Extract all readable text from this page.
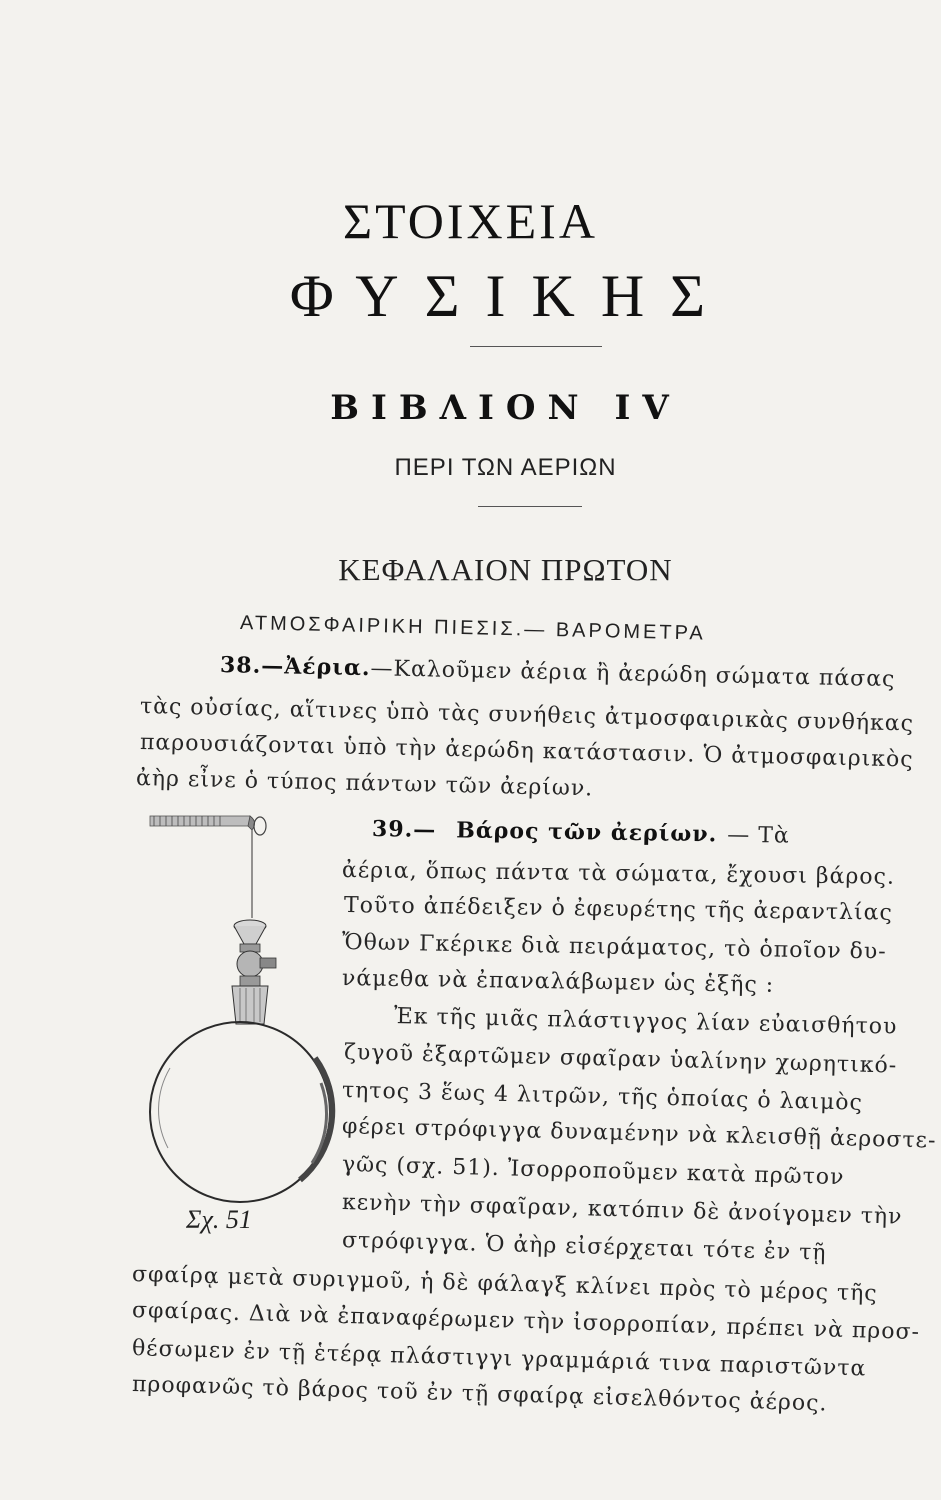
ΣΤΟΙΧΕΙΑ
ΦΥΣΙΚΗΣ
ΒΙΒΛΙΟΝ IV
ΠΕΡΙ ΤΩΝ ΑΕΡΙΩΝ
ΚΕΦΑΛΑΙΟΝ ΠΡΩΤΟΝ
ΑΤΜΟΣΦΑΙΡΙΚΗ ΠΙΕΣΙΣ.— ΒΑΡΟΜΕΤΡΑ
38.—Ἀέρια.—Καλοῦμεν ἀέρια ἢ ἀερώδη σώματα πάσας
τὰς οὐσίας, αἵτινες ὑπὸ τὰς συνήθεις ἀτμοσφαιρικὰς συνθήκας
παρουσιάζονται ὑπὸ τὴν ἀερώδη κατάστασιν. Ὁ ἀτμοσφαιρικὸς
ἀὴρ εἶνε ὁ τύπος πάντων τῶν ἀερίων.
Σχ. 51
39.— Βάρος τῶν ἀερίων. — Τὰ
ἀέρια, ὅπως πάντα τὰ σώματα, ἔχουσι βάρος.
Τοῦτο ἀπέδειξεν ὁ ἐφευρέτης τῆς ἀεραντλίας
Ὄθων Γκέρικε διὰ πειράματος, τὸ ὁποῖον δυ-
νάμεθα νὰ ἐπαναλάβωμεν ὡς ἑξῆς :
Ἐκ τῆς μιᾶς πλάστιγγος λίαν εὐαισθήτου
ζυγοῦ ἐξαρτῶμεν σφαῖραν ὑαλίνην χωρητικό-
τητος 3 ἕως 4 λιτρῶν, τῆς ὁποίας ὁ λαιμὸς
φέρει στρόφιγγα δυναμένην νὰ κλεισθῇ ἀεροστε-
γῶς (σχ. 51). Ἰσορροποῦμεν κατὰ πρῶτον
κενὴν τὴν σφαῖραν, κατόπιν δὲ ἀνοίγομεν τὴν
στρόφιγγα. Ὁ ἀὴρ εἰσέρχεται τότε ἐν τῇ
σφαίρᾳ μετὰ συριγμοῦ, ἡ δὲ φάλαγξ κλίνει πρὸς τὸ μέρος τῆς
σφαίρας. Διὰ νὰ ἐπαναφέρωμεν τὴν ἰσορροπίαν, πρέπει νὰ προσ-
θέσωμεν ἐν τῇ ἑτέρᾳ πλάστιγγι γραμμάριά τινα παριστῶντα
προφανῶς τὸ βάρος τοῦ ἐν τῇ σφαίρᾳ εἰσελθόντος ἀέρος.
